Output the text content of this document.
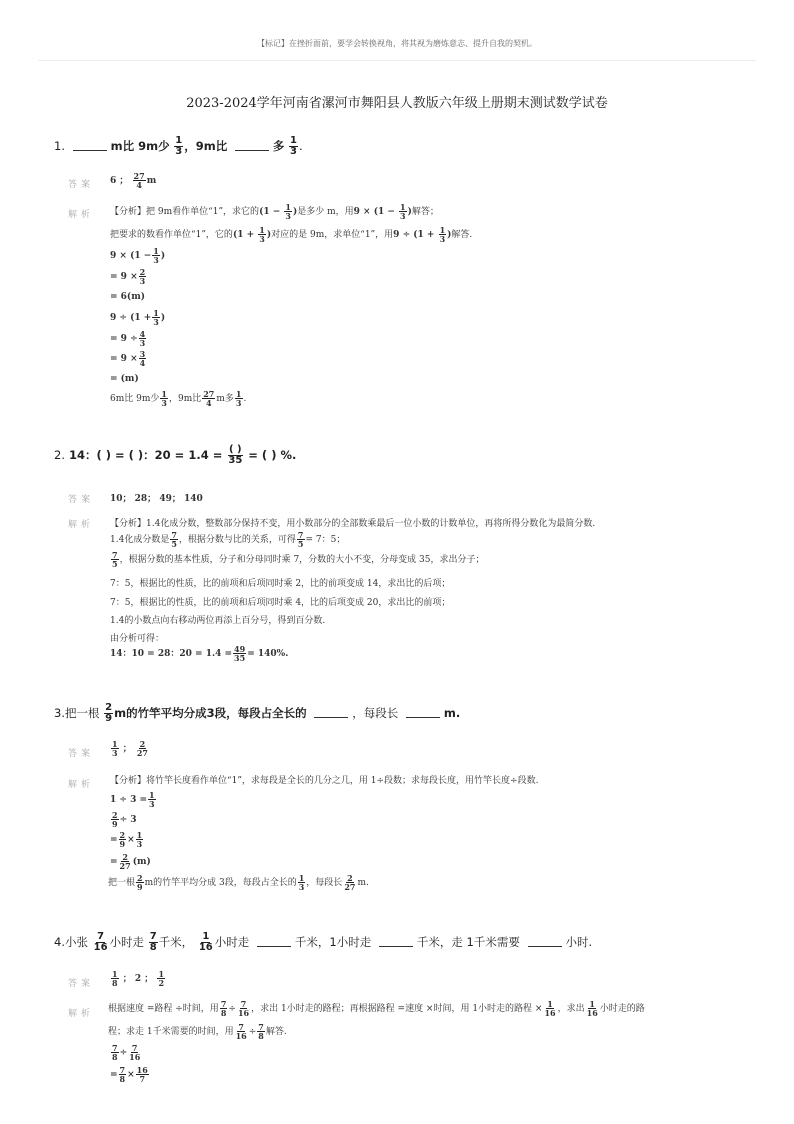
【标记】在挫折面前，要学会转换视角，将其视为磨炼意志、提升自我的契机。
2023-2024学年河南省漯河市舞阳县人教版六年级上册期末测试数学试卷
1.	m比 9m少 $\frac{1}{3}$ ，9m比	多 $\frac{1}{3}$ .
答案 6 ； $\frac{27}{4}$ m
解析 【分析】把 9m看作单位“1”，求它的($1 - \frac{1}{3}$ )是多少 m，用$9 \times (1 - \frac{1}{3}$ )解答；
把要求的数看作单位“1”，它的($1 + \frac{1}{3}$ )对应的是 9m，求单位“1”，用$9 \div (1 + \frac{1}{3}$ )解答.
$9 \times (1 - \frac{1}{3}$ )
= $9 \times \frac{2}{3}$
= 6(m)
$9 \div (1 + \frac{1}{3}$ )
= $9 \div \frac{4}{3}$
= $9 \times \frac{3}{4}$
= (m)
6m比 9m少 $\frac{1}{3}$ ，9m比 $\frac{27}{4}$ m多 $\frac{1}{3}$ .
2. 14：( ) = ( )：$20 = 1.4 = \frac{( )}{35}$ = ( ) %.
答案 10； 28； 49； 140
解析 【分析】1.4化成分数，整数部分保持不变，用小数部分的全部数乘最后一位小数的计数单位，再将所得分数化为最简分数.
1.4化成分数是 $\frac{7}{5}$ ，根据分数与比的关系，可得 $\frac{7}{5} = 7$：5；
$\frac{7}{5}$ ，根据分数的基本性质，分子和分母同时乘 7，分数的大小不变，分母变成 35，求出分子；
7：5，根据比的性质，比的前项和后项同时乘 2，比的前项变成 14，求出比的后项；
7：5，根据比的性质，比的前项和后项同时乘 4，比的后项变成 20，求出比的前项；
1.4的小数点向右移动两位再添上百分号，得到百分数.
由分析可得：
14：10 = 28：$20 = 1.4 = \frac{49}{35} = 140\%$.
3.把一根 $\frac{2}{9}$ m的竹竿平均分成3段，每段占全长的	，每段长	m.
答案 $\frac{1}{3}$ ； $\frac{2}{27}$
解析 【分析】将竹竿长度看作单位“1”，求每段是全长的几分之几，用 1÷段数；求每段长度，用竹竿长度÷段数.
$1 \div 3 = \frac{1}{3}$
$\frac{2}{9} \div 3$
= $\frac{2}{9} \times \frac{1}{3}$
= $\frac{2}{27} (m)$
把一根 $\frac{2}{9}$ m的竹竿平均分成 3段，每段占全长的 $\frac{1}{3}$ ，每段长 $\frac{2}{27} m$.
4.小张 $\frac{7}{16}$ 小时走 $\frac{7}{8}$ 千米， $\frac{1}{16}$ 小时走	千米，1小时走	千米，走 1千米需要	小时.
答案 $\frac{1}{8}$ ； 2 ； $\frac{1}{2}$
解析 根据速度 =路程 ÷时间，用 $\frac{7}{8} \div \frac{7}{16}$ ，求出 1小时走的路程；再根据路程 =速度 ×时间，用 1小时走的路程 × $\frac{1}{16}$ ，求出 $\frac{1}{16}$ 小时走的路
程；求走 1千米需要的时间，用 $\frac{7}{16} \div \frac{7}{8}$ 解答.
$\frac{7}{8} \div \frac{7}{16}$
= $\frac{7}{8} \times \frac{16}{7}$
